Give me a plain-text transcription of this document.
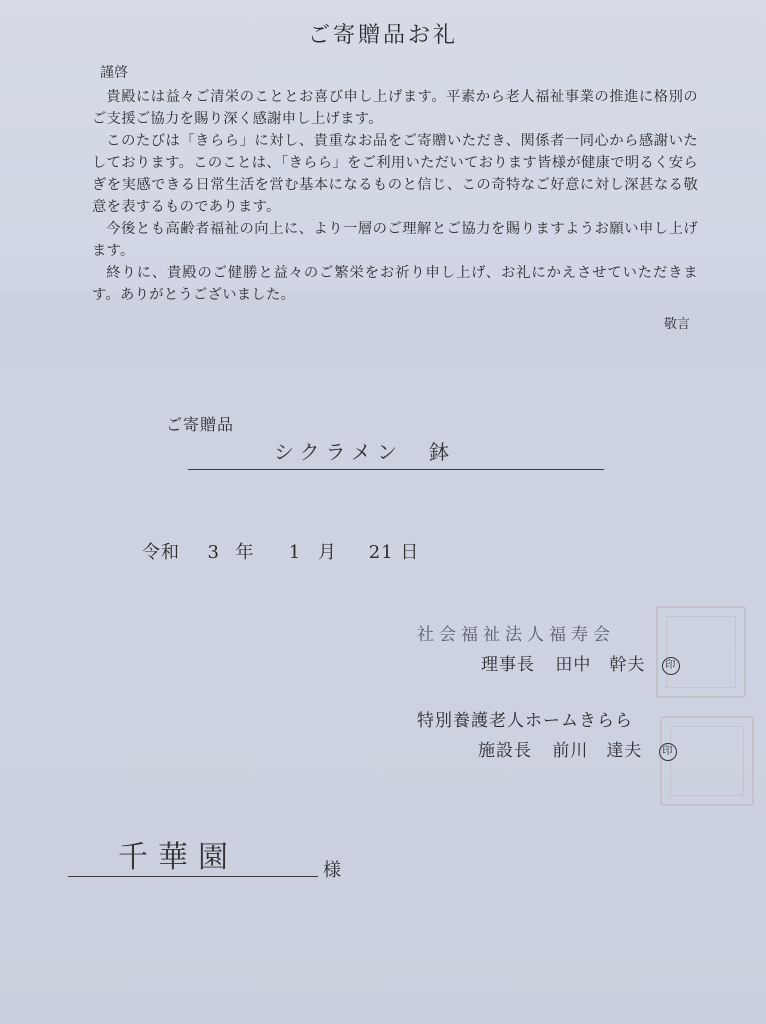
ご寄贈品お礼
謹啓

貴殿には益々ご清栄のこととお喜び申し上げます。平素から老人福祉事業の推進に格別のご支援ご協力を賜り深く感謝申し上げます。

このたびは「きらら」に対し、貴重なお品をご寄贈いただき、関係者一同心から感謝いたしております。このことは、「きらら」をご利用いただいております皆様が健康で明るく安らぎを実感できる日常生活を営む基本になるものと信じ、この奇特なご好意に対し深甚なる敬意を表するものであります。

今後とも高齢者福祉の向上に、より一層のご理解とご協力を賜りますようお願い申し上げます。

終りに、貴殿のご健勝と益々のご繁栄をお祈り申し上げ、お礼にかえさせていただきます。ありがとうございました。

敬言
ご寄贈品
シクラメン　鉢
令和 3 年 1 月 21 日
社会福祉法人福寿会
理事長 田中　幹夫 印
特別養護老人ホームきらら
施設長 前川　達夫 印
千華園	様
